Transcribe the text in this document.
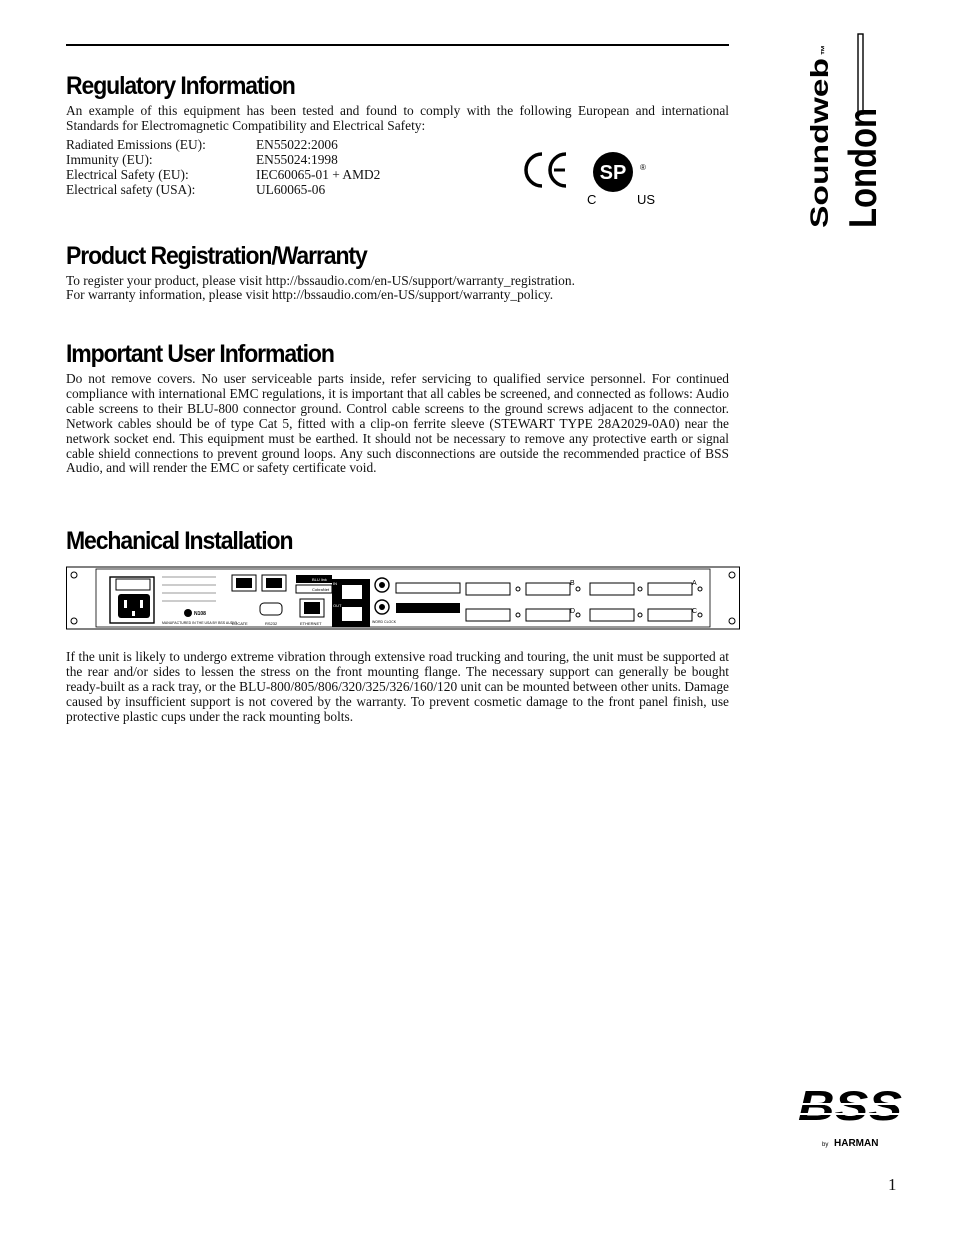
Soundweb London
™
Regulatory Information

An example of this equipment has been tested and found to comply with the following European and international Standards for Electromagnetic Compatibility and Electrical Safety:

Radiated Emissions (EU):	EN55022:2006
Immunity (EU):	EN55024:1998
Electrical Safety (EU):	IEC60065-01 + AMD2
Electrical safety (USA):	UL60065-06
SP ®
C	US
Product Registration/Warranty

To register your product, please visit http://bssaudio.com/en-US/support/warranty_registration.

For warranty information, please visit http://bssaudio.com/en-US/support/warranty_policy.

Important User Information

Do not remove covers. No user serviceable parts inside, refer servicing to qualified service personnel. For continued compliance with international EMC regulations, it is important that all cables be screened, and connected as follows: Audio cable screens to their BLU-800 connector ground. Control cable screens to the ground screws adjacent to the connector. Network cables should be of type Cat 5, fitted with a clip-on ferrite sleeve (STEWART TYPE 28A2029-0A0) near the network socket end. This equipment must be earthed. It should not be necessary to remove any protective earth or signal cable shield connections to prevent ground loops. Any such disconnections are outside the recommended practice of BSS Audio, and will render the EMC or safety certificate void.

Mechanical Installation
N108
MANUFACTURED IN THE USA BY BSS AUDIO	RS232	ETHERNET
LOCATE
BLU link
CobraNet
OUT
IN
WORD CLOCK
B
D
A
C

If the unit is likely to undergo extreme vibration through extensive road trucking and touring, the unit must be supported at the rear and/or sides to lessen the stress on the front mounting flange. The necessary support can generally be bought ready-built as a rack tray, or the BLU-800/805/806/320/325/326/160/120 unit can be mounted between other units. Damage caused by insufficient support is not covered by the warranty. To prevent cosmetic damage to the front panel finish, use protective plastic cups under the rack mounting bolts.

BSS
by HARMAN
1
